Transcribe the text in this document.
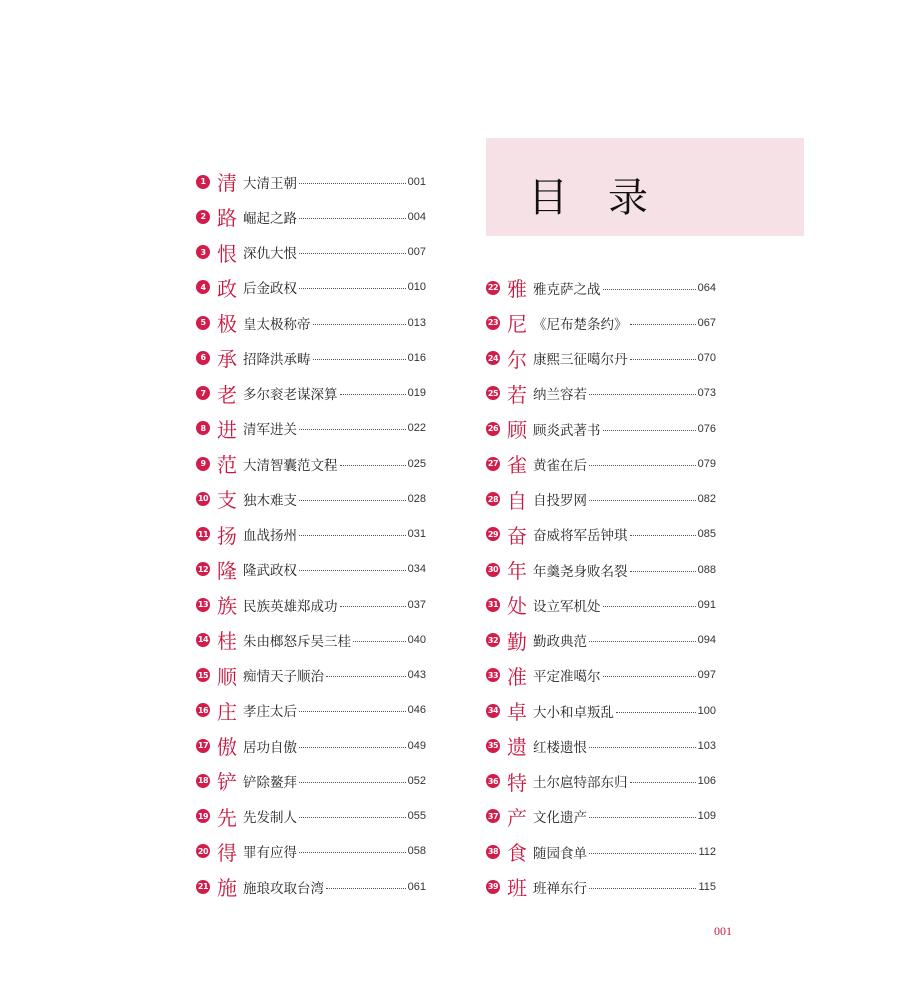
目录
1 清 大清王朝	001
2 路 崛起之路	004
3 恨 深仇大恨	007
4 政 后金政权	010
5 极 皇太极称帝	013
6 承 招降洪承畴	016
7 老 多尔衮老谋深算	019
8 进 清军进关	022
9 范 大清智囊范文程	025
10 支 独木难支	028
11 扬 血战扬州	031
12 隆 隆武政权	034
13 族 民族英雄郑成功	037
14 桂 朱由榔怒斥吴三桂	040
15 顺 痴情天子顺治	043
16 庄 孝庄太后	046
17 傲 居功自傲	049
18 铲 铲除鳌拜	052
19 先 先发制人	055
20 得 罪有应得	058
21 施 施琅攻取台湾	061
22 雅 雅克萨之战	064
23 尼 《尼布楚条约》	067
24 尔 康熙三征噶尔丹	070
25 若 纳兰容若	073
26 顾 顾炎武著书	076
27 雀 黄雀在后	079
28 自 自投罗网	082
29 奋 奋威将军岳钟琪	085
30 年 年羹尧身败名裂	088
31 处 设立军机处	091
32 勤 勤政典范	094
33 准 平定准噶尔	097
34 卓 大小和卓叛乱	100
35 遗 红楼遗恨	103
36 特 土尔扈特部东归	106
37 产 文化遗产	109
38 食 随园食单	112
39 班 班禅东行	115
001
